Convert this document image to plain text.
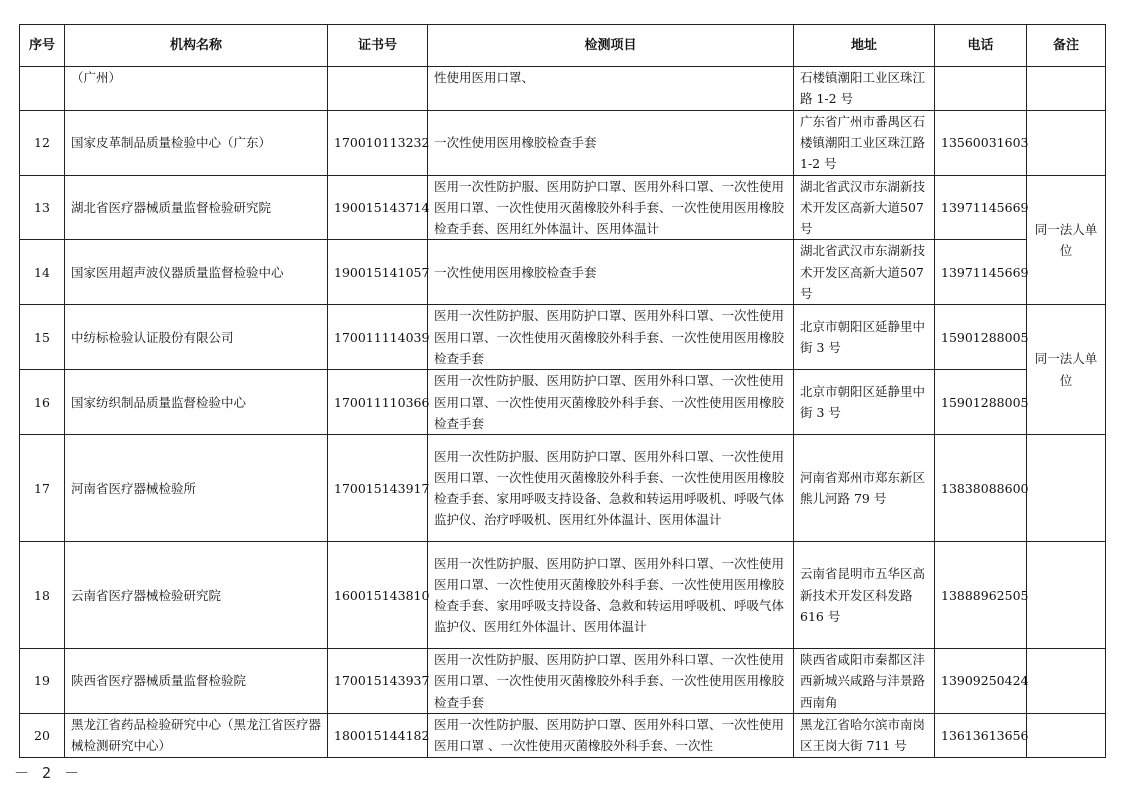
序号	机构名称	证书号	检测项目	地址	电话	备注
	（广州）		性使用医用口罩、	石楼镇潮阳工业区珠江路 1-2 号		
12	国家皮革制品质量检验中心（广东）	170010113232	一次性使用医用橡胶检查手套	广东省广州市番禺区石楼镇潮阳工业区珠江路 1-2 号	13560031603	
13	湖北省医疗器械质量监督检验研究院	190015143714	医用一次性防护服、医用防护口罩、医用外科口罩、一次性使用医用口罩、一次性使用灭菌橡胶外科手套、一次性使用医用橡胶检查手套、医用红外体温计、医用体温计	湖北省武汉市东湖新技术开发区高新大道507 号	13971145669	同一法人单位
14	国家医用超声波仪器质量监督检验中心	190015141057	一次性使用医用橡胶检查手套	湖北省武汉市东湖新技术开发区高新大道507 号	13971145669	
15	中纺标检验认证股份有限公司	170011114039	医用一次性防护服、医用防护口罩、医用外科口罩、一次性使用医用口罩、一次性使用灭菌橡胶外科手套、一次性使用医用橡胶检查手套	北京市朝阳区延静里中街 3 号	15901288005	同一法人单位
16	国家纺织制品质量监督检验中心	170011110366	医用一次性防护服、医用防护口罩、医用外科口罩、一次性使用医用口罩、一次性使用灭菌橡胶外科手套、一次性使用医用橡胶检查手套	北京市朝阳区延静里中街 3 号	15901288005	
17	河南省医疗器械检验所	170015143917	医用一次性防护服、医用防护口罩、医用外科口罩、一次性使用医用口罩、一次性使用灭菌橡胶外科手套、一次性使用医用橡胶检查手套、家用呼吸支持设备、急救和转运用呼吸机、呼吸气体监护仪、治疗呼吸机、医用红外体温计、医用体温计	河南省郑州市郑东新区熊儿河路 79 号	13838088600	
18	云南省医疗器械检验研究院	160015143810	医用一次性防护服、医用防护口罩、医用外科口罩、一次性使用医用口罩、一次性使用灭菌橡胶外科手套、一次性使用医用橡胶检查手套、家用呼吸支持设备、急救和转运用呼吸机、呼吸气体监护仪、医用红外体温计、医用体温计	云南省昆明市五华区高新技术开发区科发路 616 号	13888962505	
19	陕西省医疗器械质量监督检验院	170015143937	医用一次性防护服、医用防护口罩、医用外科口罩、一次性使用医用口罩、一次性使用灭菌橡胶外科手套、一次性使用医用橡胶检查手套	陕西省咸阳市秦都区沣西新城兴咸路与沣景路西南角	13909250424	
20	黑龙江省药品检验研究中心（黑龙江省医疗器械检测研究中心）	180015144182	医用一次性防护服、医用防护口罩、医用外科口罩、一次性使用医用口罩 、一次性使用灭菌橡胶外科手套、一次性	黑龙江省哈尔滨市南岗区王岗大街 711 号	13613613656	
－ 2 －
